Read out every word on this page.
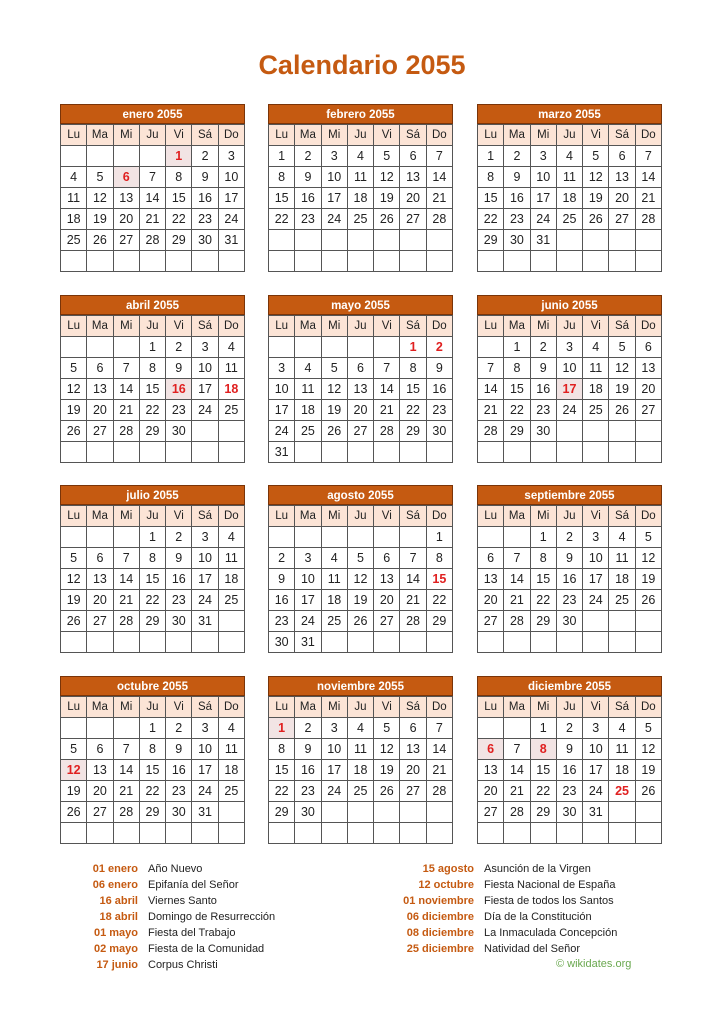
Calendario 2055
enero 2055
Lu	Ma	Mi	Ju	Vi	Sá	Do
				1	2	3
4	5	6	7	8	9	10
11	12	13	14	15	16	17
18	19	20	21	22	23	24
25	26	27	28	29	30	31

febrero 2055
Lu	Ma	Mi	Ju	Vi	Sá	Do
1	2	3	4	5	6	7
8	9	10	11	12	13	14
15	16	17	18	19	20	21
22	23	24	25	26	27	28

marzo 2055
Lu	Ma	Mi	Ju	Vi	Sá	Do
1	2	3	4	5	6	7
8	9	10	11	12	13	14
15	16	17	18	19	20	21
22	23	24	25	26	27	28
29	30	31				

abril 2055
Lu	Ma	Mi	Ju	Vi	Sá	Do
			1	2	3	4
5	6	7	8	9	10	11
12	13	14	15	16	17	18
19	20	21	22	23	24	25
26	27	28	29	30		

mayo 2055
Lu	Ma	Mi	Ju	Vi	Sá	Do
					1	2
3	4	5	6	7	8	9
10	11	12	13	14	15	16
17	18	19	20	21	22	23
24	25	26	27	28	29	30
31						
junio 2055
Lu	Ma	Mi	Ju	Vi	Sá	Do
	1	2	3	4	5	6
7	8	9	10	11	12	13
14	15	16	17	18	19	20
21	22	23	24	25	26	27
28	29	30				

julio 2055
Lu	Ma	Mi	Ju	Vi	Sá	Do
			1	2	3	4
5	6	7	8	9	10	11
12	13	14	15	16	17	18
19	20	21	22	23	24	25
26	27	28	29	30	31	

agosto 2055
Lu	Ma	Mi	Ju	Vi	Sá	Do
						1
2	3	4	5	6	7	8
9	10	11	12	13	14	15
16	17	18	19	20	21	22
23	24	25	26	27	28	29
30	31					
septiembre 2055
Lu	Ma	Mi	Ju	Vi	Sá	Do
		1	2	3	4	5
6	7	8	9	10	11	12
13	14	15	16	17	18	19
20	21	22	23	24	25	26
27	28	29	30			

octubre 2055
Lu	Ma	Mi	Ju	Vi	Sá	Do
			1	2	3	4
5	6	7	8	9	10	11
12	13	14	15	16	17	18
19	20	21	22	23	24	25
26	27	28	29	30	31	

noviembre 2055
Lu	Ma	Mi	Ju	Vi	Sá	Do
1	2	3	4	5	6	7
8	9	10	11	12	13	14
15	16	17	18	19	20	21
22	23	24	25	26	27	28
29	30					

diciembre 2055
Lu	Ma	Mi	Ju	Vi	Sá	Do
		1	2	3	4	5
6	7	8	9	10	11	12
13	14	15	16	17	18	19
20	21	22	23	24	25	26
27	28	29	30	31		

01 enero Año Nuevo
06 enero Epifanía del Señor
16 abril Viernes Santo
18 abril Domingo de Resurrección
01 mayo Fiesta del Trabajo
02 mayo Fiesta de la Comunidad
17 junio Corpus Christi
15 agosto Asunción de la Virgen
12 octubre Fiesta Nacional de España
01 noviembre Fiesta de todos los Santos
06 diciembre Día de la Constitución
08 diciembre La Inmaculada Concepción
25 diciembre Natividad del Señor
© wikidates.org
